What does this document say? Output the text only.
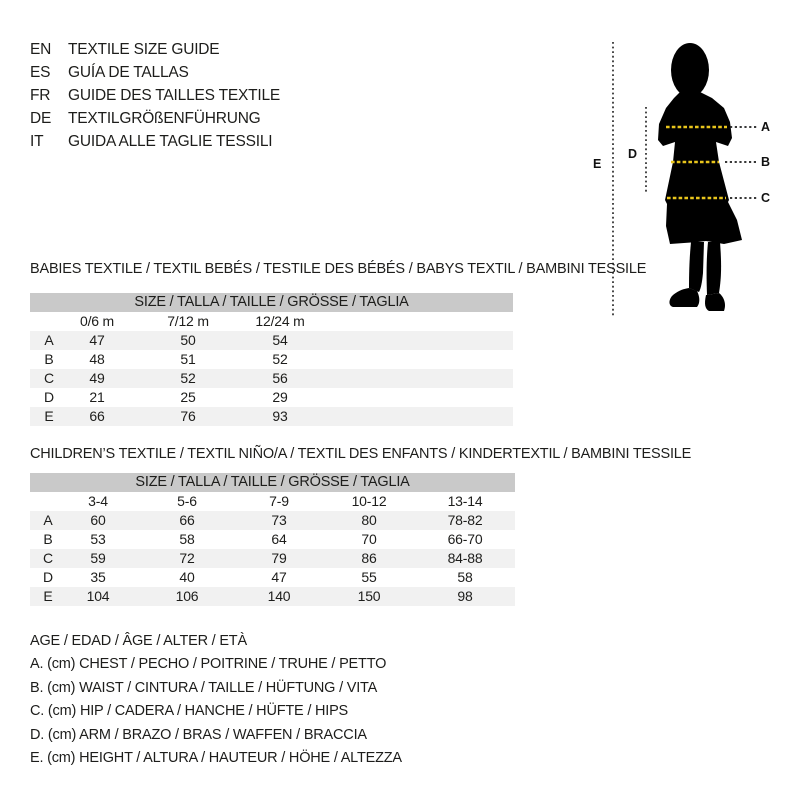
EN	TEXTILE SIZE GUIDE
ES	GUÍA DE TALLAS
FR	GUIDE DES TAILLES TEXTILE
DE	TEXTILGRÖßENFÜHRUNG
IT	GUIDA ALLE TAGLIE TESSILI
A
B
C
D
E
BABIES TEXTILE / TEXTIL BEBÉS / TESTILE DES BÉBÉS / BABYS TEXTIL / BAMBINI TESSILE
SIZE / TALLA / TAILLE / GRÖSSE / TAGLIA				
	0/6 m	7/12 m	12/24 m	
A	47	50	54	
B	48	51	52	
C	49	52	56	
D	21	25	29	
E	66	76	93	
CHILDREN’S TEXTILE / TEXTIL NIÑO/A / TEXTIL DES ENFANTS / KINDERTEXTIL / BAMBINI TESSILE
SIZE / TALLA / TAILLE / GRÖSSE / TAGLIA						
	3-4	5-6	7-9	10-12	13-14	
A	60	66	73	80	78-82	
B	53	58	64	70	66-70	
C	59	72	79	86	84-88	
D	35	40	47	55	58	
E	104	106	140	150	98	
AGE / EDAD / ÂGE / ALTER / ETÀ
A. (cm) CHEST / PECHO / POITRINE / TRUHE / PETTO
B. (cm) WAIST / CINTURA / TAILLE / HÜFTUNG / VITA
C. (cm) HIP / CADERA / HANCHE / HÜFTE / HIPS
D. (cm) ARM / BRAZO / BRAS / WAFFEN / BRACCIA
E. (cm) HEIGHT / ALTURA / HAUTEUR / HÖHE / ALTEZZA
